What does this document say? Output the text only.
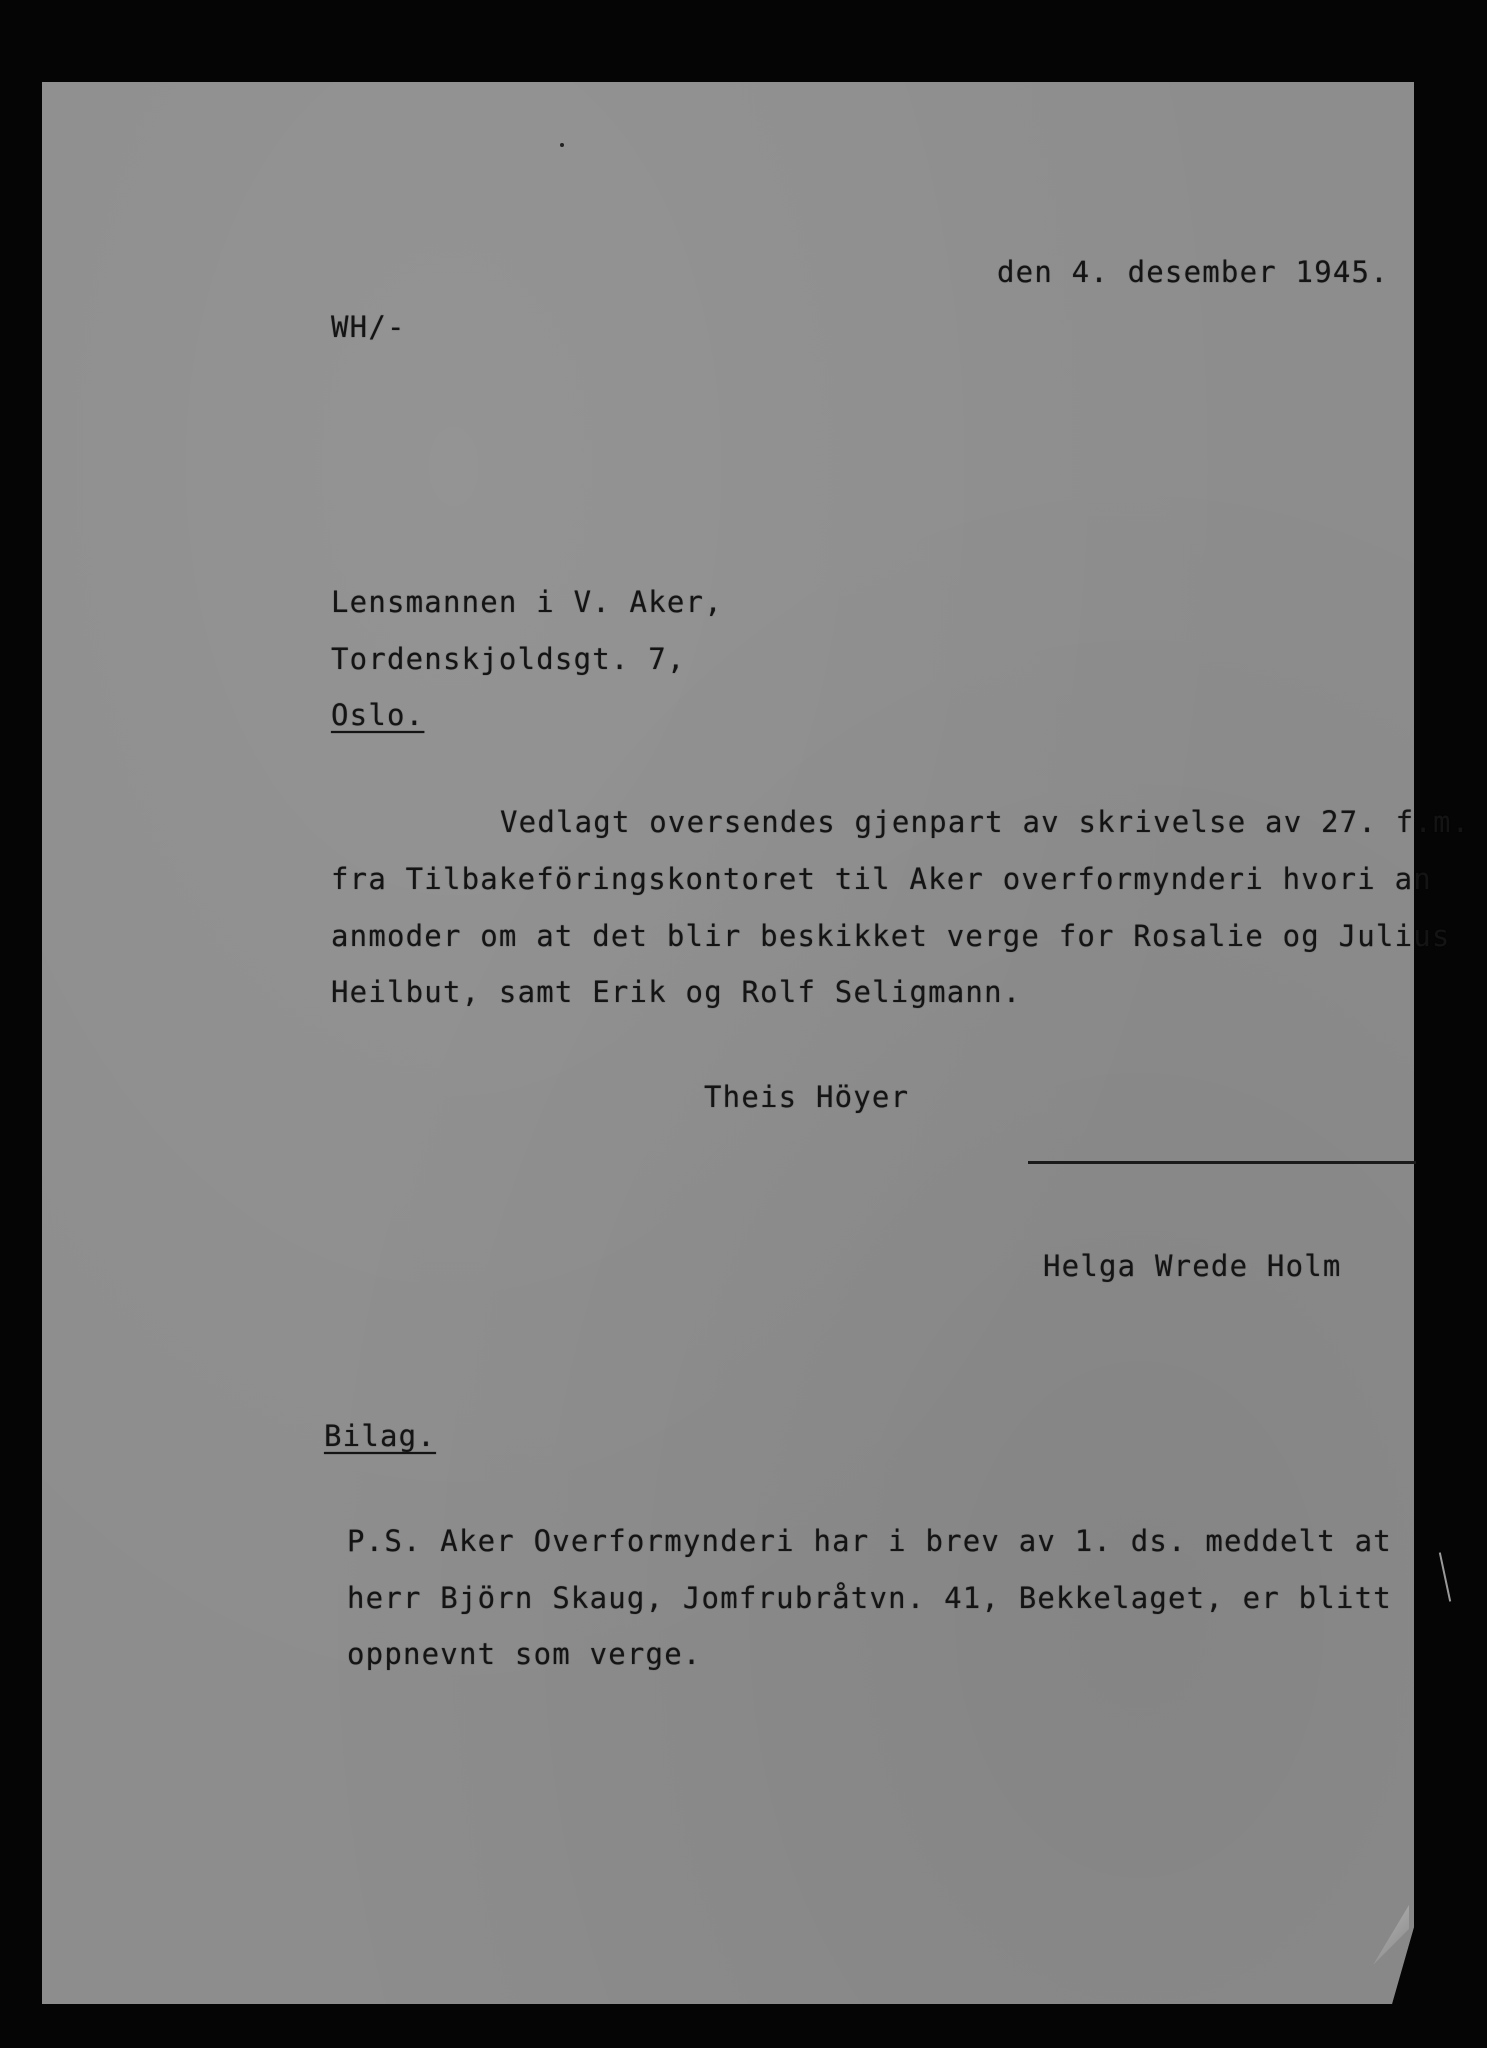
den 4. desember 1945.
WH/-
Lensmannen i V. Aker,
Tordenskjoldsgt. 7,
Oslo.
Vedlagt oversendes gjenpart av skrivelse av 27. f.m.
fra Tilbakeföringskontoret til Aker overformynderi hvori an
anmoder om at det blir beskikket verge for Rosalie og Julius
Heilbut, samt Erik og Rolf Seligmann.
Theis Höyer
Helga Wrede Holm
Bilag.
P.S. Aker Overformynderi har i brev av 1. ds. meddelt at
herr Björn Skaug, Jomfrubråtvn. 41, Bekkelaget, er blitt
oppnevnt som verge.
